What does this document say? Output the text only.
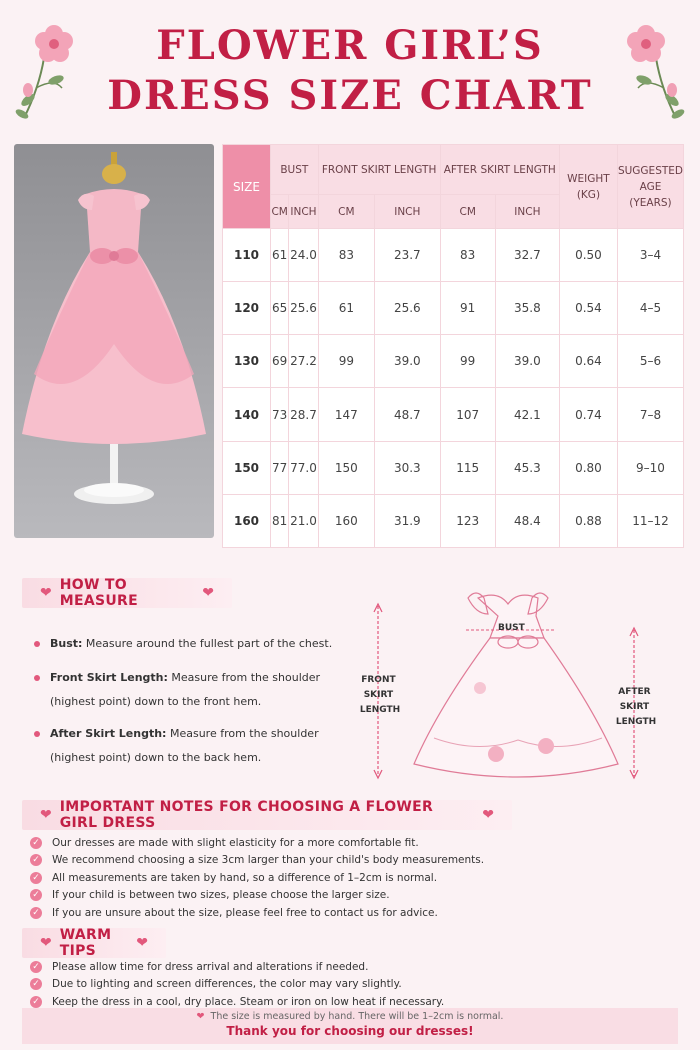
FLOWER GIRL’S
DRESS SIZE CHART
SIZE	BUST		FRONT SKIRT LENGTH		AFTER SKIRT LENGTH		WEIGHT (KG)	SUGGESTED AGE (YEARS)
	CM	INCH	CM	INCH	CM	INCH		
110	61	24.0	83	23.7	83	32.7	0.50	3–4
120	65	25.6	61	25.6	91	35.8	0.54	4–5
130	69	27.2	99	39.0	99	39.0	0.64	5–6
140	73	28.7	147	48.7	107	42.1	0.74	7–8
150	77	77.0	150	30.3	115	45.3	0.80	9–10
160	81	21.0	160	31.9	123	48.4	0.88	11–12
❤ HOW TO MEASURE	❤
Bust: Measure around the fullest part of the chest.
Front Skirt Length: Measure from the shoulder
(highest point) down to the front hem.
After Skirt Length: Measure from the shoulder
(highest point) down to the back hem.
BUST
FRONT SKIRT LENGTH
AFTER SKIRT LENGTH
❤ IMPORTANT NOTES FOR CHOOSING A FLOWER GIRL DRESS	❤
✓ Our dresses are made with slight elasticity for a more comfortable fit.
✓ We recommend choosing a size 3cm larger than your child's body measurements.
✓ All measurements are taken by hand, so a difference of 1–2cm is normal.
✓ If your child is between two sizes, please choose the larger size.
✓ If you are unsure about the size, please feel free to contact us for advice.
❤ WARM TIPS	❤
✓ Please allow time for dress arrival and alterations if needed.
✓ Due to lighting and screen differences, the color may vary slightly.
✓ Keep the dress in a cool, dry place. Steam or iron on low heat if necessary.
❤ The size is measured by hand. There will be 1–2cm is normal.
Thank you for choosing our dresses!
